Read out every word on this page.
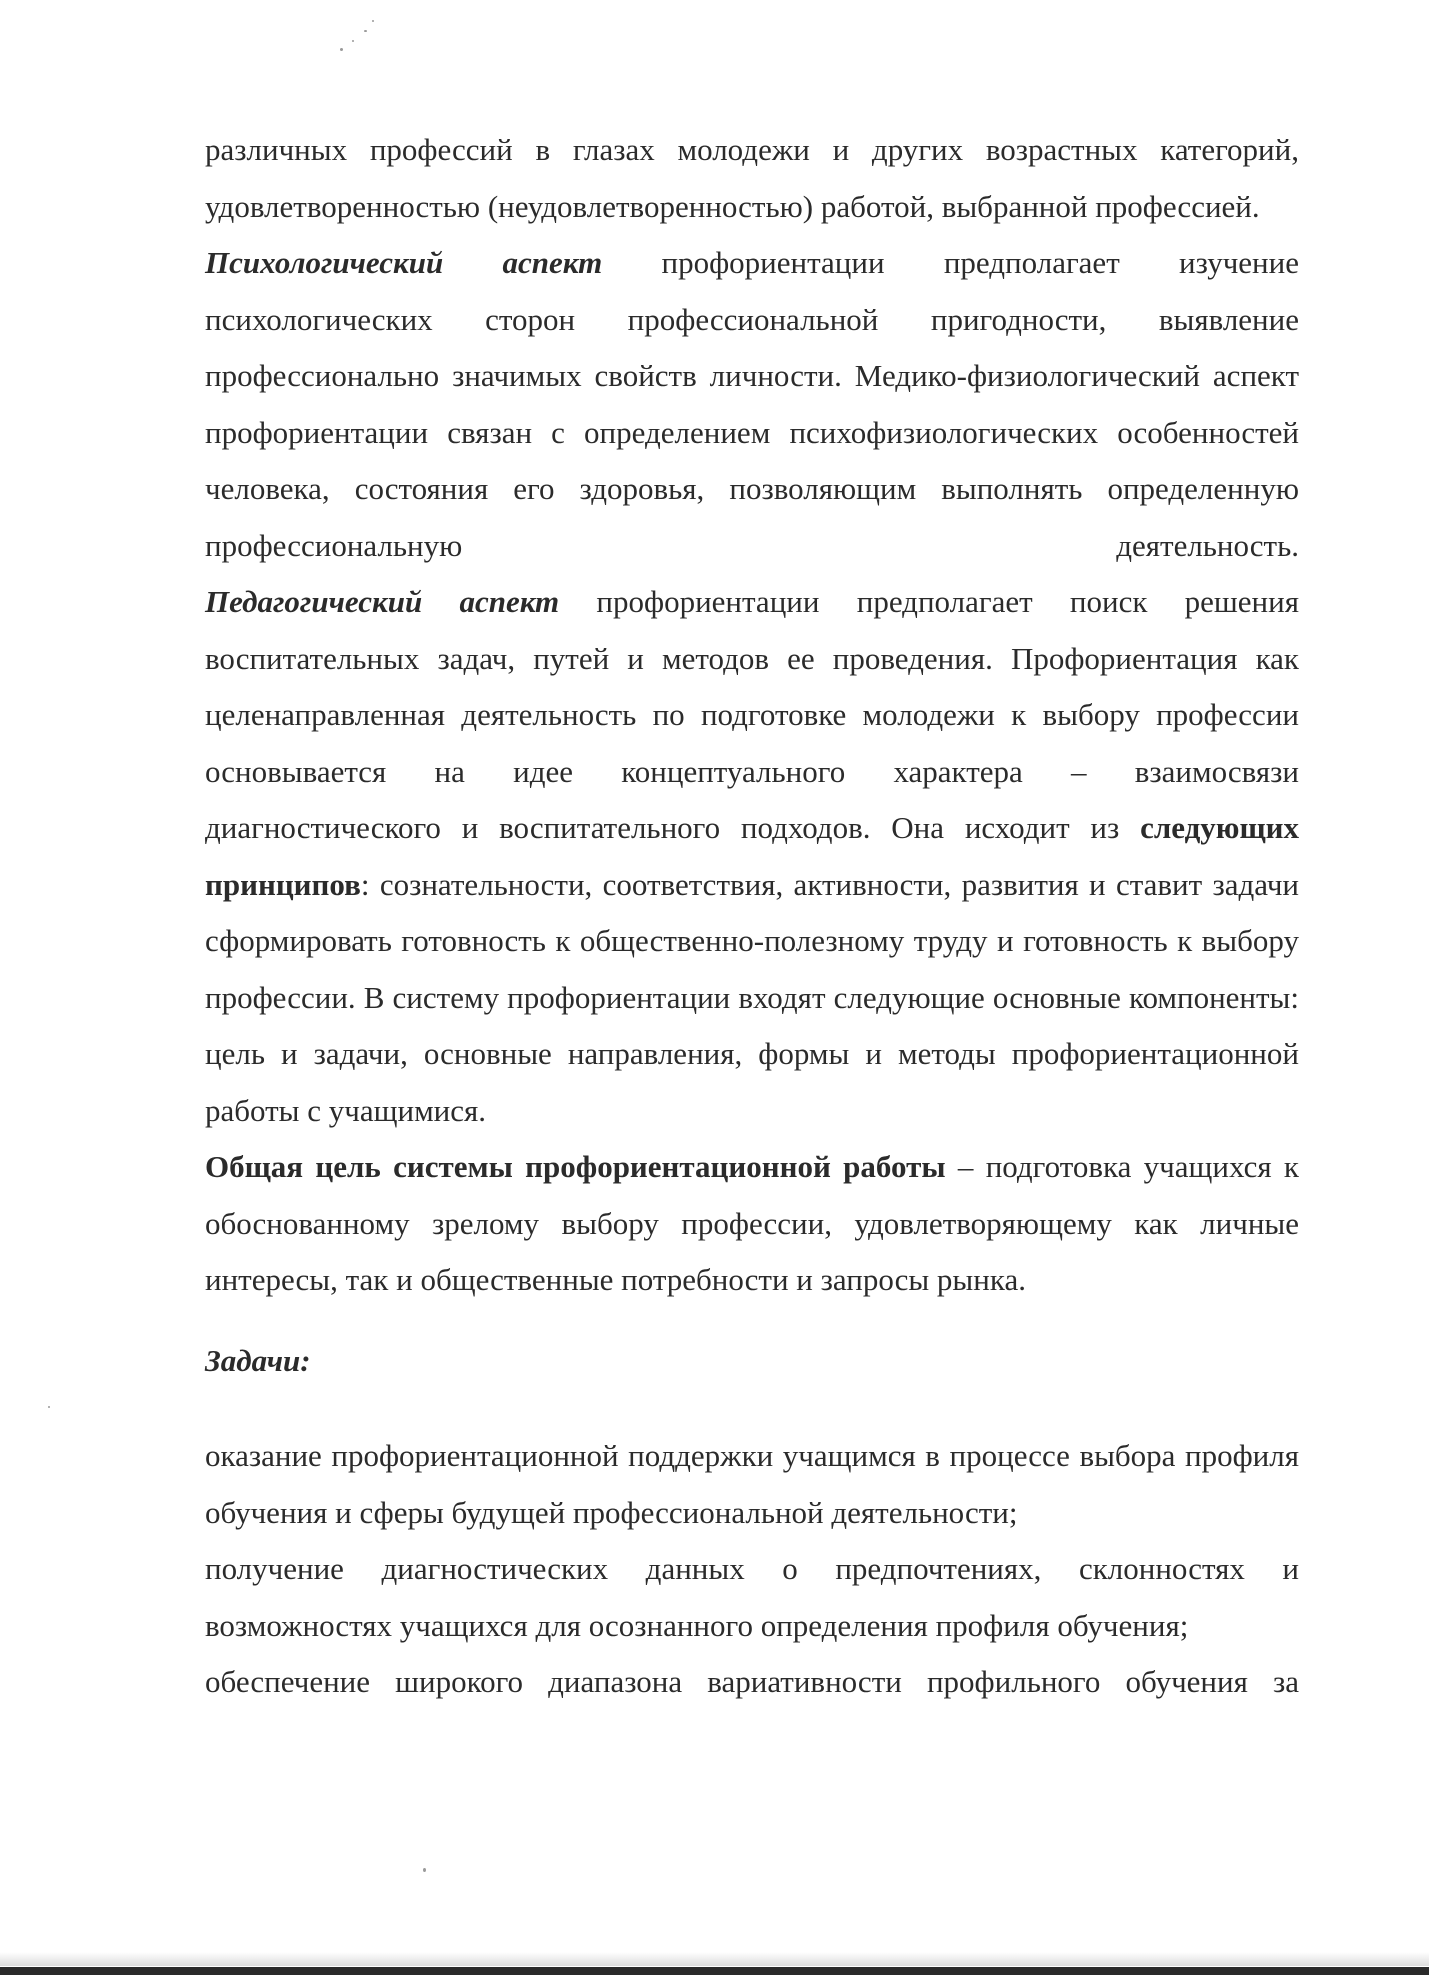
различных профессий в глазах молодежи и других возрастных категорий, удовлетворенностью (неудовлетворенностью) работой, выбранной профессией.

Психологический аспект профориентации предполагает изучение психологических сторон профессиональной пригодности, выявление профессионально значимых свойств личности. Медико-физиологический аспект профориентации связан с определением психофизиологических особенностей человека, состояния его здоровья, позволяющим выполнять определенную профессиональную деятельность.

Педагогический аспект профориентации предполагает поиск решения воспитательных задач, путей и методов ее проведения. Профориентация как целенаправленная деятельность по подготовке молодежи к выбору профессии основывается на идее концептуального характера – взаимосвязи диагностического и воспитательного подходов. Она исходит из следующих принципов: сознательности, соответствия, активности, развития и ставит задачи сформировать готовность к общественно-полезному труду и готовность к выбору профессии. В систему профориентации входят следующие основные компоненты: цель и задачи, основные направления, формы и методы профориентационной работы с учащимися.

Общая цель системы профориентационной работы – подготовка учащихся к обоснованному зрелому выбору профессии, удовлетворяющему как личные интересы, так и общественные потребности и запросы рынка.

Задачи:

оказание профориентационной поддержки учащимся в процессе выбора профиля обучения и сферы будущей профессиональной деятельности;

получение диагностических данных о предпочтениях, склонностях и возможностях учащихся для осознанного определения профиля обучения;

обеспечение широкого диапазона вариативности профильного обучения за
